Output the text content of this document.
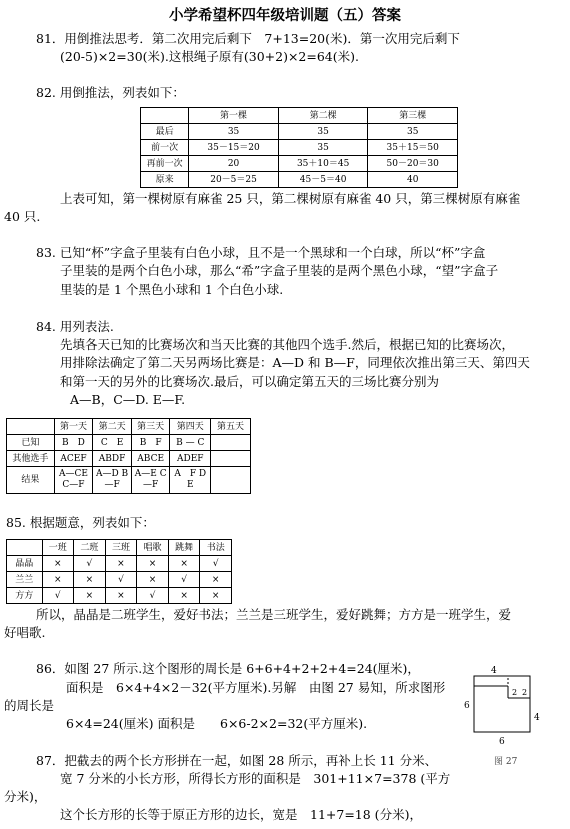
小学希望杯四年级培训题（五）答案
81．用倒推法思考．第二次用完后剩下　7+13=20(米)．第一次用完后剩下
(20-5)×2=30(米).这根绳子原有(30+2)×2=64(米).
82. 用倒推法，列表如下：
	第一棵	第二棵	第三棵
最后	35	35	35
前一次	35－15＝20	35	35＋15＝50
再前一次	20	35＋10＝45	50－20＝30
原来	20－5＝25	45－5＝40	40
上表可知，第一棵树原有麻雀 25 只，第二棵树原有麻雀 40 只，第三棵树原有麻雀
40 只.
83. 已知“杯”字盒子里装有白色小球，且不是一个黑球和一个白球，所以“杯”字盒
子里装的是两个白色小球，那么“希”字盒子里装的是两个黑色小球，“望”字盒子
里装的是 1 个黑色小球和 1 个白色小球.
84. 用列表法.
先填各天已知的比赛场次和当天比赛的其他四个选手.然后，根据已知的比赛场次，
用排除法确定了第二天另两场比赛是：A—D 和 B—F，同理依次推出第三天、第四天
和第一天的另外的比赛场次.最后，可以确定第五天的三场比赛分别为
A—B，C—D. E—F.
	第一天	第二天	第三天	第四天	第五天
已知	B　D	C　E	B　F	B — C	
其他选手	ACEF	ABDF	ABCE	ADEF	
结果	A—CE C—F	A—D B—F	A—E C—F	A　F D　E	
85. 根据题意，列表如下：
	一班	二班	三班	唱歌	跳舞	书法
晶晶	×	√	×	×	×	√
兰兰	×	×	√	×	√	×
方方	√	×	×	√	×	×
所以，晶晶是二班学生，爱好书法；兰兰是三班学生，爱好跳舞；方方是一班学生，爱
好唱歌.
86．如图 27 所示.这个图形的周长是 6+6+4+2+2+4=24(厘米)，
面积是　6×4+4×2－32(平方厘米).另解　由图 27 易知，所求图形
的周长是
6×4=24(厘米) 面积是　　6×6-2×2=32(平方厘米).
4
6
4
6
2 2
图 27
87．把截去的两个长方形拼在一起，如图 28 所示，再补上长 11 分米、
宽 7 分米的小长方形，所得长方形的面积是　301+11×7=378 (平方
分米)，
这个长方形的长等于原正方形的边长，宽是　11+7=18 (分米)，
